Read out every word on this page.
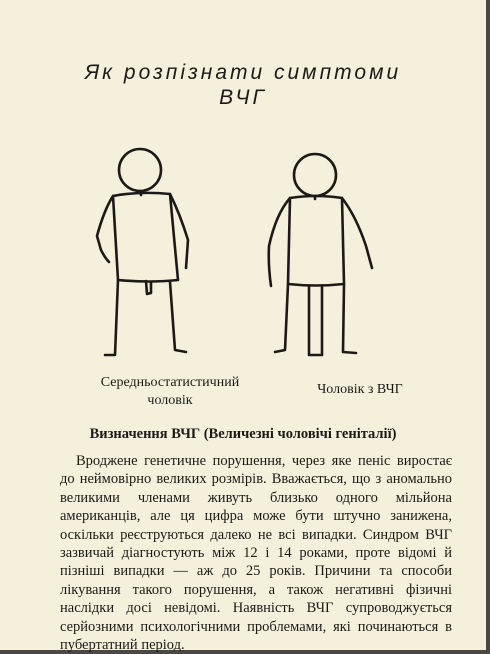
Як розпізнати симптоми
ВЧГ
Середньостатистичний
чоловік
Чоловік з ВЧГ
Визначення ВЧГ (Величезні чоловічі геніталії)

Вроджене генетичне порушення, через яке пеніс виростає до неймовірно великих розмірів. Вважається, що з аномально великими членами живуть близько одного мільйона американців, але ця цифра може бути штучно занижена, оскільки реєструються далеко не всі випадки. Синдром ВЧГ зазвичай діагностують між 12 і 14 роками, проте відомі й пізніші випадки — аж до 25 років. Причини та способи лікування такого порушення, а також негативні фізичні наслідки досі невідомі. Наявність ВЧГ супроводжується серйозними психологічними проблемами, які починаються в пубертатний період.
